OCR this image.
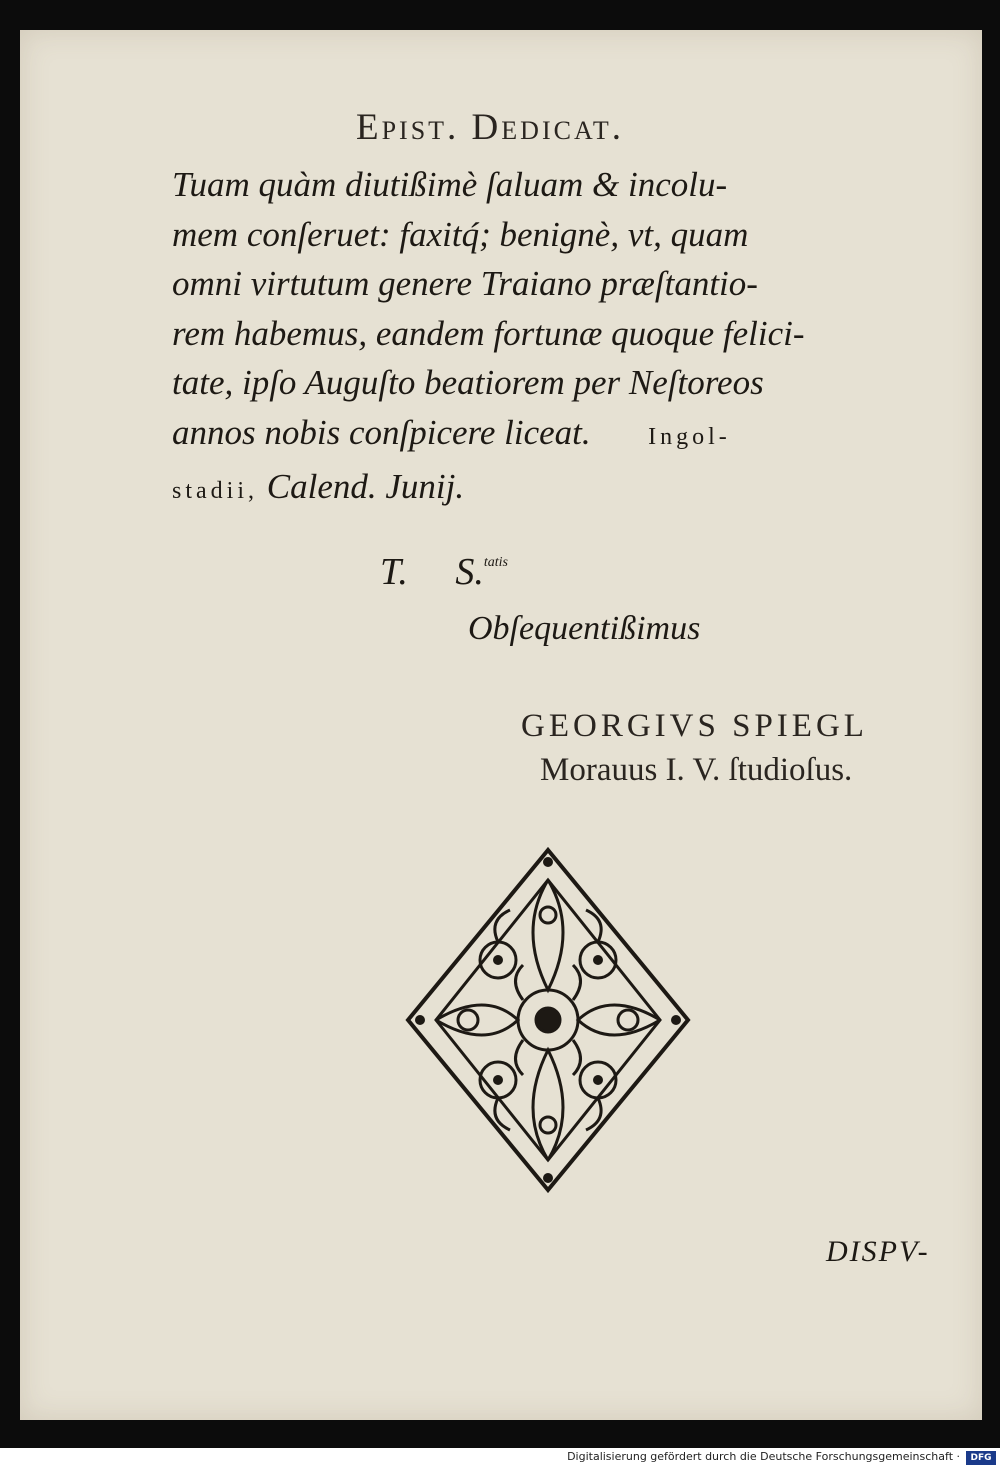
Epist. Dedicat.
Tuam quàm diutißimè ſaluam & incolu-
mem conſeruet: faxitq́; benignè, vt, quam
omni virtutum genere Traiano præſtantio-
rem habemus, eandem fortunæ quoque felici-
tate, ipſo Auguſto beatiorem per Neſtoreos
annos nobis conſpicere liceat. Ingol-
stadii, Calend. Junij.
T. S.$^{tatis}$
Obſequentißimus
GEORGIVS SPIEGL
Morauus I. V. ſtudioſus.
DISPV-
Digitalisierung gefördert durch die Deutsche Forschungsgemeinschaft ·	DFG
